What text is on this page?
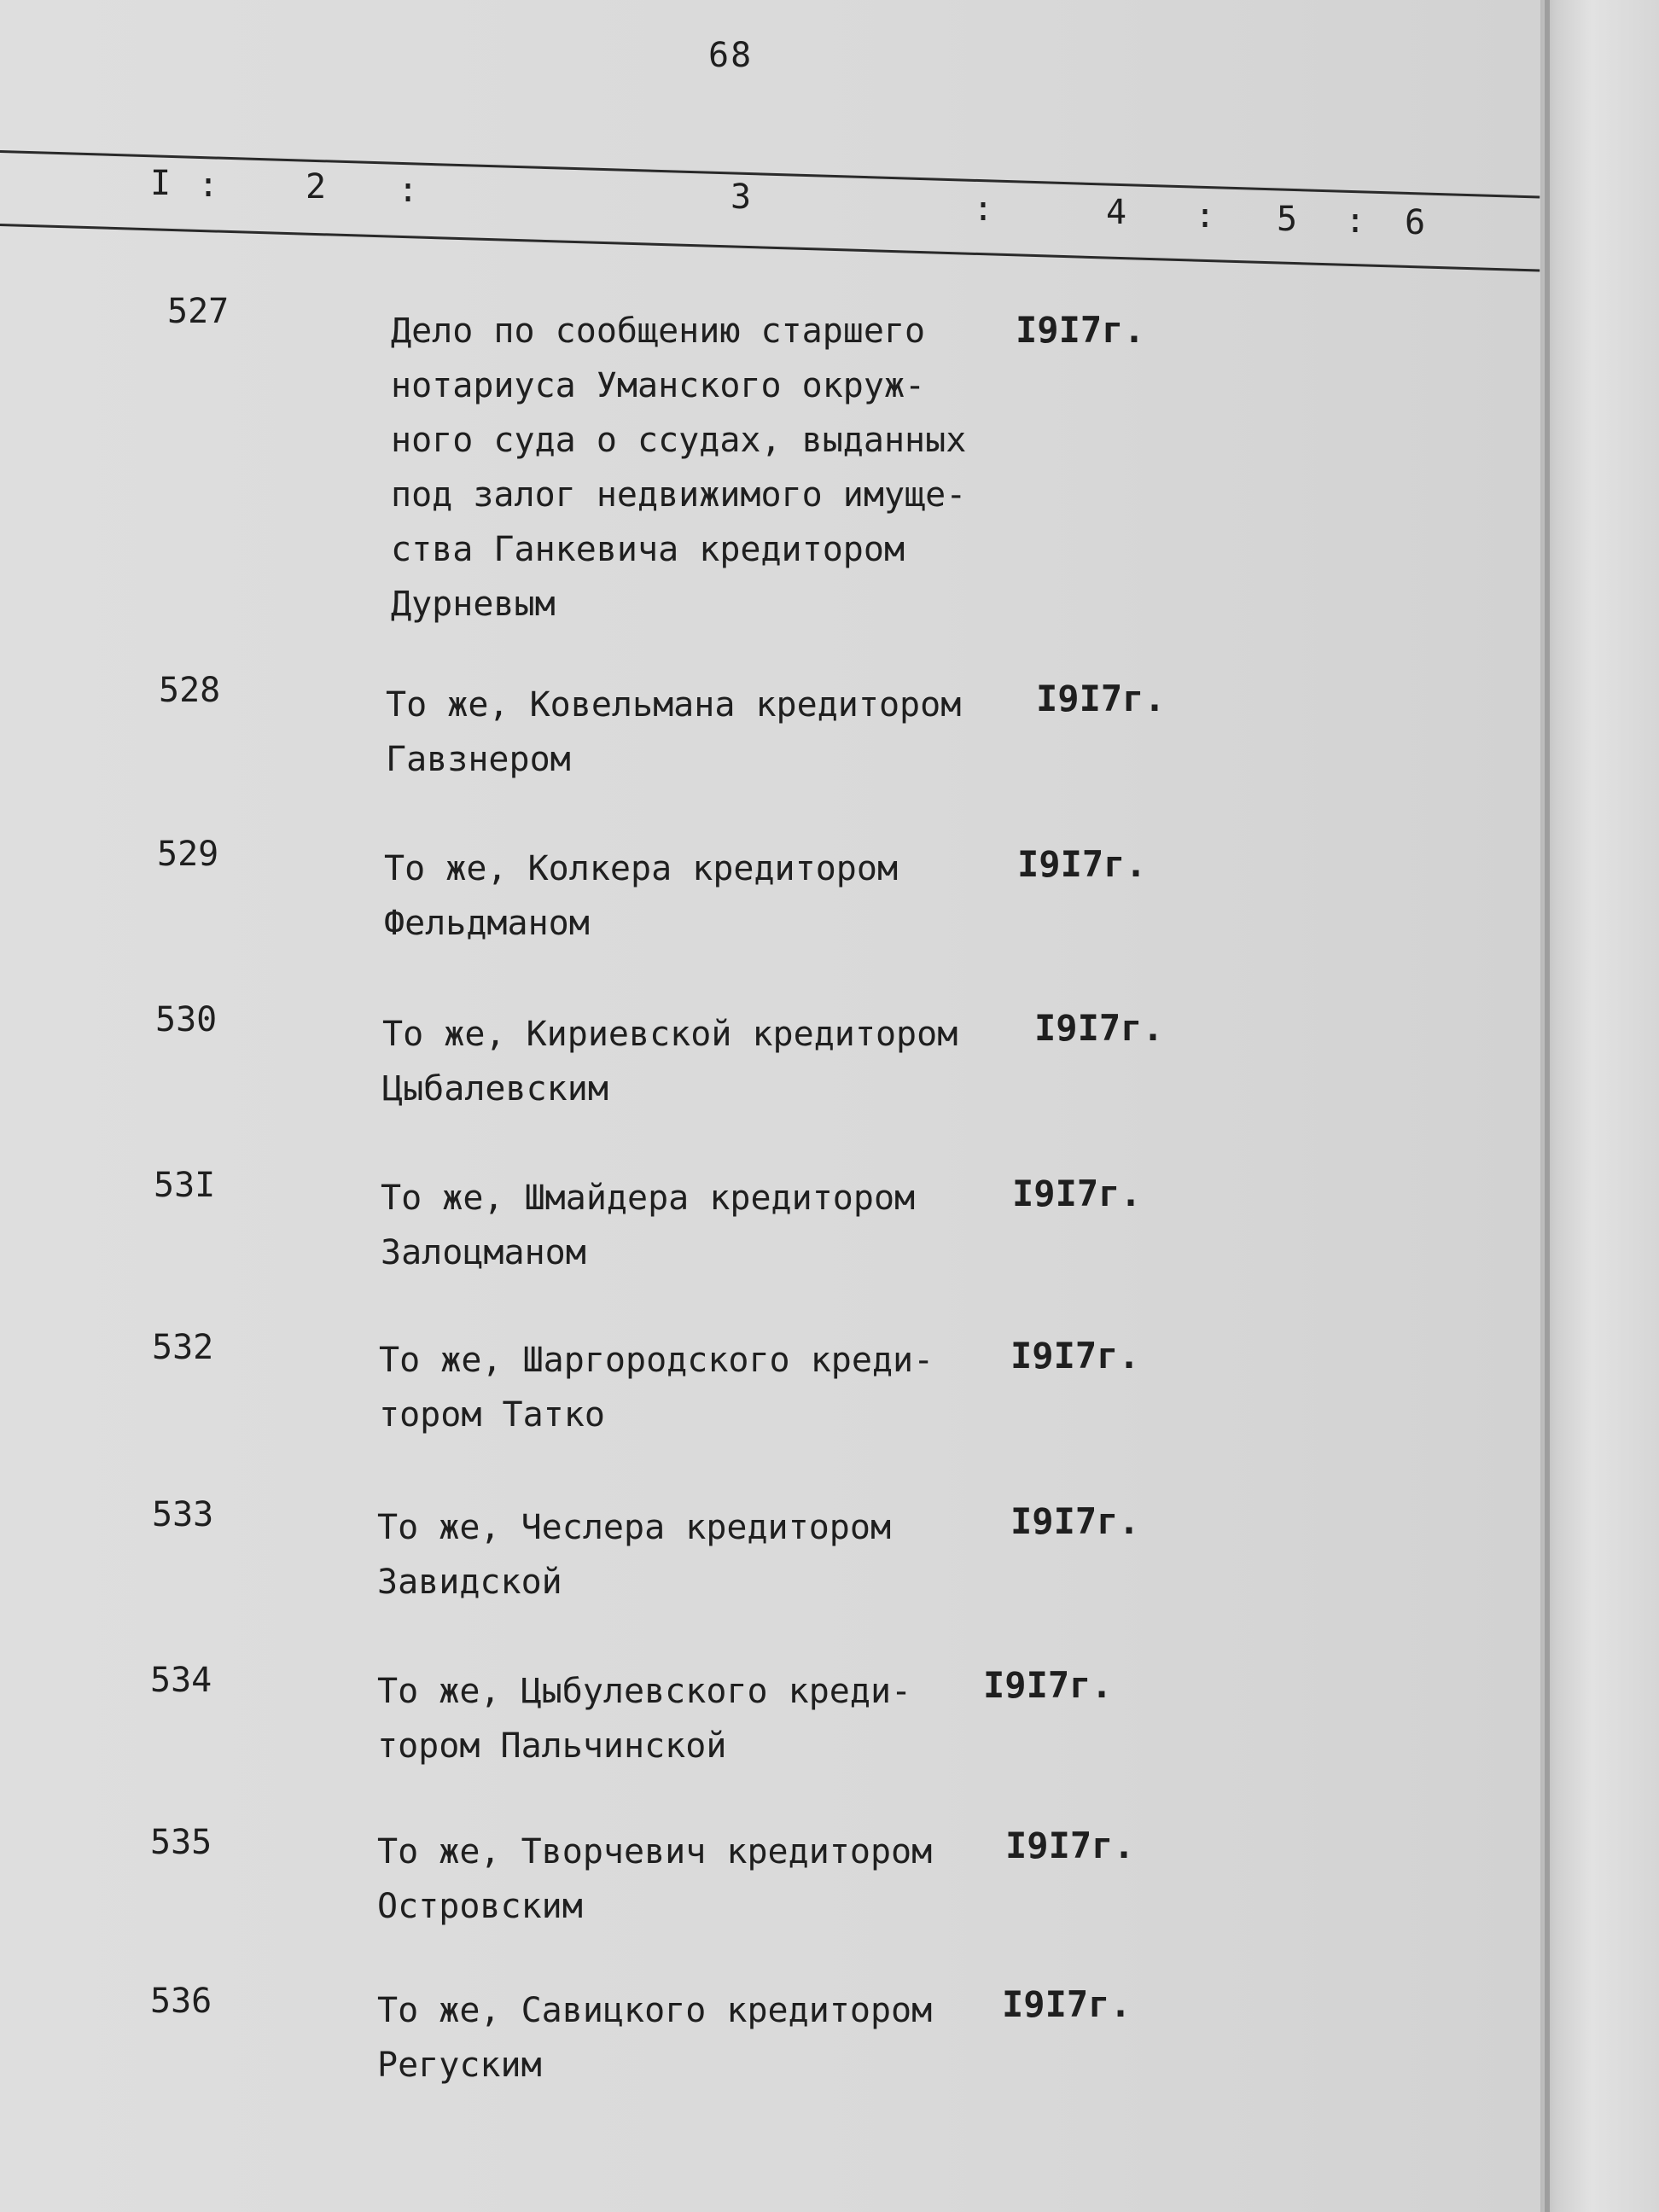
68
I :	2 :	3	:	4 : 5 : 6
527	Дело по сообщению старшего
нотариуса Уманского окруж-
ного суда о ссудах, выданных
под залог недвижимого имуще-
ства Ганкевича кредитором
Дурневым
I9I7г.
528	То же, Ковельмана кредитором
Гавзнером
I9I7г.
529	То же, Колкера кредитором
Фельдманом
I9I7г.
530	То же, Кириевской кредитором
Цыбалевским
I9I7г.
53I	То же, Шмайдера кредитором
Залоцманом
I9I7г.
532	То же, Шаргородского креди-
тором Татко
I9I7г.
533	То же, Чеслера кредитором
Завидской
I9I7г.
534	То же, Цыбулевского креди-
тором Пальчинской
I9I7г.
535	То же, Творчевич кредитором
Островским
I9I7г.
536	То же, Савицкого кредитором
Регуским
I9I7г.
